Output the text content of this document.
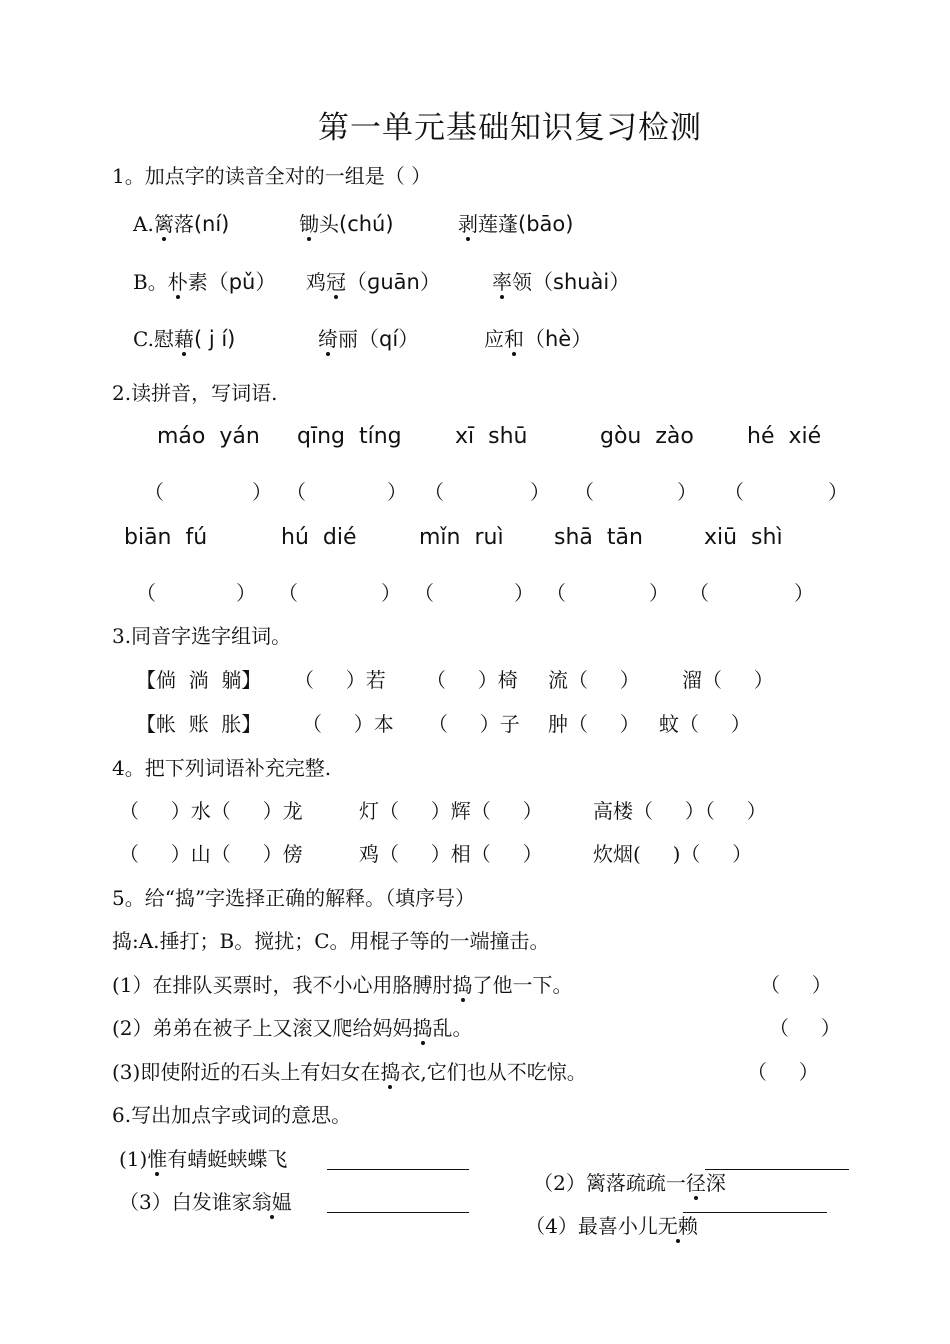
第一单元基础知识复习检测
1。加点字的读音全对的一组是（ ）
A.篱落(ní)	锄头(chú)	剥莲蓬(bāo)
B。朴素（pǔ） 鸡冠（ɡuān）	率领（shuài）
C.慰藉( j í)	绮丽（qí）	应和（hè）
2.读拼音，写词语.
máo  yán qīng  tíng xī  shū	gòu  zào hé  xié
（	） （	） （	） （	） （	）
biān  fú	hú  dié	mǐn  ruì shā  tān	xiū  shì
（	） （	） （	） （	） （	）
3.同音字选字组词。
【倘  淌  躺】 （     ）若 （     ）椅 流（     ） 溜（     ）
【帐  账  胀】 （     ）本 （     ）子 肿（     ） 蚊（     ）
4。把下列词语补充完整.
（     ）水（     ）龙	灯（     ）辉（     ）	高楼（     ）（     ）
（     ）山（     ）傍	鸡（     ）相（     ）	炊烟(     )（     ）
5。给“捣”字选择正确的解释。（填序号）
捣:A.捶打；B。搅扰；C。用棍子等的一端撞击。
(1）在排队买票时，我不小心用胳膊肘捣了他一下。	（     ）
(2）弟弟在被子上又滚又爬给妈妈捣乱。	（     ）
(3)即使附近的石头上有妇女在捣衣,它们也从不吃惊。	（     ）
6.写出加点字或词的意思。
(1)惟有蜻蜓蛱蝶飞

（2）篱落疏疏一径深

（3）白发谁家翁媪

（4）最喜小儿无赖
